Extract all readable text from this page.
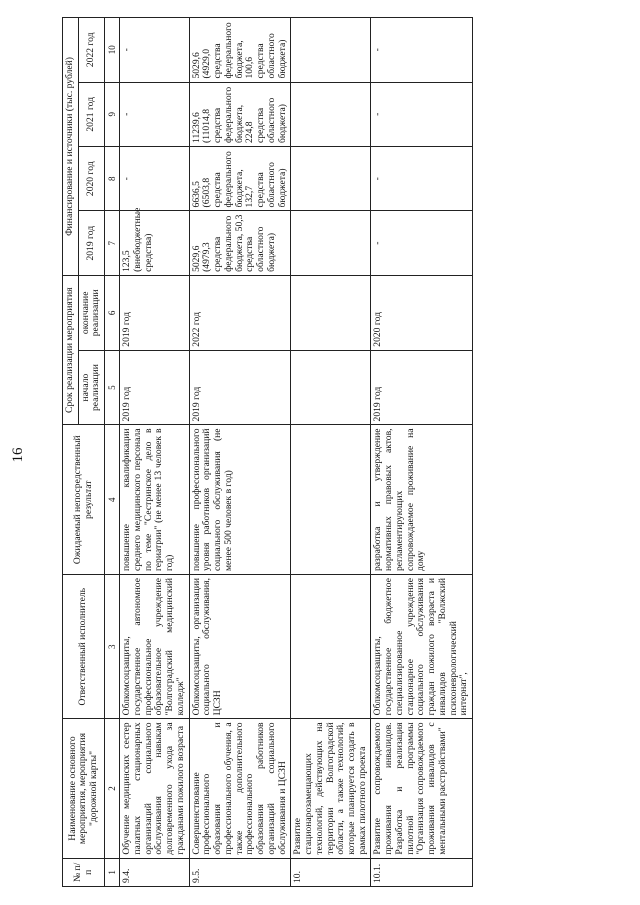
16
№ п/п	Наименование основного мероприятия, мероприятия "дорожной карты"	Ответственный исполнитель	Ожидаемый непосредственный результат	Срок реализации мероприятия		Финансирование и источники (тыс. рублей)			
				начало реализации	окончание реализации	2019 год	2020 год	2021 год	2022 год
1	2	3	4	5	6	7	8	9	10
9.4.	Обучение медицинских сестер палатных стационарных организаций социального обслуживания навыкам долговременного ухода за гражданами пожилого возраста	Облкомсоцзащиты, государственное автономное профессиональное образовательное учреждение "Волгоградский медицинский колледж"	повышение квалификации среднего медицинского персонала по теме "Сестринское дело в гериатрии" (не менее 13 человек в год)	2019 год	2019 год	123,5 (внебюджетные средства)	-	-	-
9.5.	Совершенствование профессионального образования и профессионального обучения, а также дополнительного профессионального образования работников организаций социального обслуживания и ЦСЗН	Облкомсоцзащиты, организации социального обслуживания, ЦСЗН	повышение профессионального уровня работников организаций социального обслуживания (не менее 500 человек в год)	2019 год	2022 год	5029,6 (4979,3 средства федерального бюджета, 50,3 средства областного бюджета)	6636,5 (6503,8 средства федерального бюджета, 132,7 средства областного бюджета)	11239,6 (11014,8 средства федерального бюджета, 224,8 средства областного бюджета)	5029,6 (4929,0 средства федерального бюджета, 100,6 средства областного бюджета)
10.	Развитие стационарозамещающих технологий, действующих на территории Волгоградской области, а также технологий, которые планируется создать в рамках пилотного проекта								
10.1.	Развитие сопровождаемого проживания инвалидов. Разработка и реализация пилотной программы "Организация сопровождаемого проживания инвалидов с ментальными расстройствами"	Облкомсоцзащиты, государственное бюджетное специализированное стационарное учреждение социального обслуживания граждан пожилого возраста и инвалидов "Волжский психоневрологический интернат",	разработка и утверждение нормативных правовых актов, регламентирующих сопровождаемое проживание на дому	2019 год	2020 год	-	-	-	-
